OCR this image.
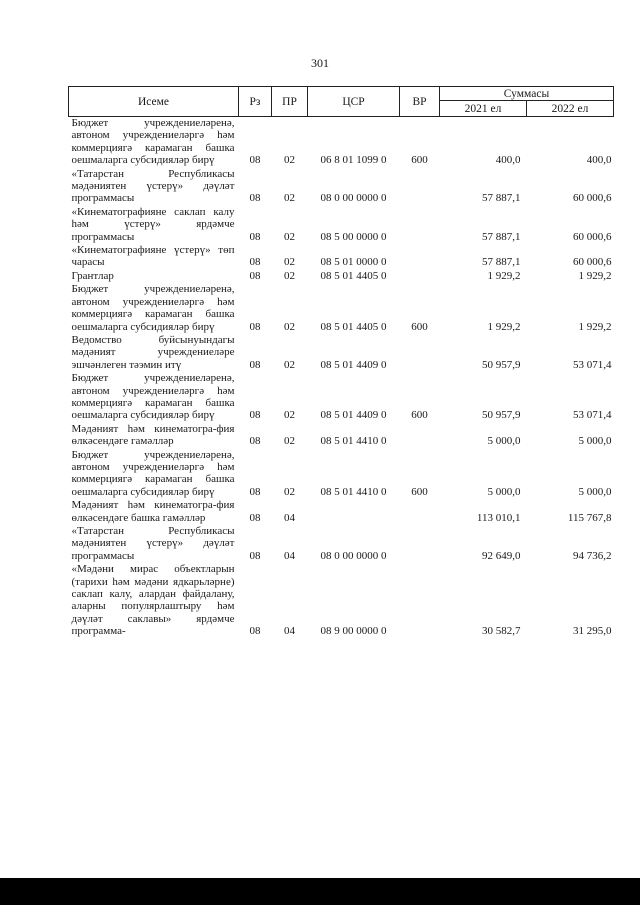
301
Исеме	Рз	ПР	ЦСР	ВР	Суммасы	
					2021 ел	2022 ел
Бюджет учреждениеләренә, автоном учреждениеләргә һәм коммерциягә карамаган башка оешмаларга субсидияләр бирү	08	02	06 8 01 1099 0	600	400,0	400,0
«Татарстан Республикасы мәдәниятен үстерү» дәүләт программасы	08	02	08 0 00 0000 0		57 887,1	60 000,6
«Кинематографияне саклап калу һәм үстерү» ярдәмче программасы	08	02	08 5 00 0000 0		57 887,1	60 000,6
«Кинематографияне үстерү» төп чарасы	08	02	08 5 01 0000 0		57 887,1	60 000,6
Грантлар	08	02	08 5 01 4405 0		1 929,2	1 929,2
Бюджет учреждениеләренә, автоном учреждениеләргә һәм коммерциягә карамаган башка оешмаларга субсидияләр бирү	08	02	08 5 01 4405 0	600	1 929,2	1 929,2
Ведомство буйсынуындагы мәдәният учреждениеләре эшчәнлеген тәэмин итү	08	02	08 5 01 4409 0		50 957,9	53 071,4
Бюджет учреждениеләренә, автоном учреждениеләргә һәм коммерциягә карамаган башка оешмаларга субсидияләр бирү	08	02	08 5 01 4409 0	600	50 957,9	53 071,4
Мәдәният һәм кинематогра-фия өлкәсендәге гамәлләр	08	02	08 5 01 4410 0		5 000,0	5 000,0
Бюджет учреждениеләренә, автоном учреждениеләргә һәм коммерциягә карамаган башка оешмаларга субсидияләр бирү	08	02	08 5 01 4410 0	600	5 000,0	5 000,0
Мәдәният һәм кинематогра-фия өлкәсендәге башка гамәлләр	08	04			113 010,1	115 767,8
«Татарстан Республикасы мәдәниятен үстерү» дәүләт программасы	08	04	08 0 00 0000 0		92 649,0	94 736,2
«Мәдәни мирас объектларын (тарихи һәм мәдәни ядкарьләрне) саклап калу, алардан файдалану, аларны популярлаштыру һәм дәүләт саклавы» ярдәмче программа-	08	04	08 9 00 0000 0		30 582,7	31 295,0
